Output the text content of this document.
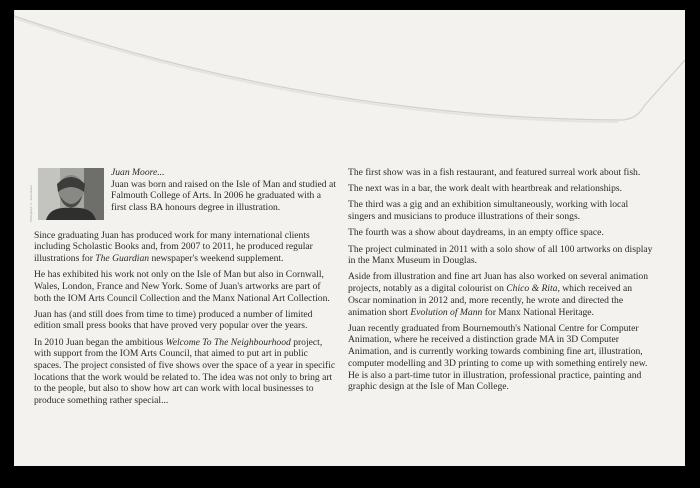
Photograph © Juan Moore

Juan Moore...
Juan was born and raised on the Isle of Man and studied at Falmouth College of Arts. In 2006 he graduated with a first class BA honours degree in illustration.

Since graduating Juan has produced work for many international clients including Scholastic Books and, from 2007 to 2011, he produced regular illustrations for The Guardian newspaper's weekend supplement.

He has exhibited his work not only on the Isle of Man but also in Cornwall, Wales, London, France and New York. Some of Juan's artworks are part of both the IOM Arts Council Collection and the Manx National Art Collection.

Juan has (and still does from time to time) produced a number of limited edition small press books that have proved very popular over the years.

In 2010 Juan began the ambitious Welcome To The Neighbourhood project, with support from the IOM Arts Council, that aimed to put art in public spaces. The project consisted of five shows over the space of a year in specific locations that the work would be related to. The idea was not only to bring art to the people, but also to show how art can work with local businesses to produce something rather special...

The first show was in a fish restaurant, and featured surreal work about fish.

The next was in a bar, the work dealt with heartbreak and relationships.

The third was a gig and an exhibition simultaneously, working with local singers and musicians to produce illustrations of their songs.

The fourth was a show about daydreams, in an empty office space.

The project culminated in 2011 with a solo show of all 100 artworks on display in the Manx Museum in Douglas.

Aside from illustration and fine art Juan has also worked on several animation projects, notably as a digital colourist on Chico & Rita, which received an Oscar nomination in 2012 and, more recently, he wrote and directed the animation short Evolution of Mann for Manx National Heritage.

Juan recently graduated from Bournemouth's National Centre for Computer Animation, where he received a distinction grade MA in 3D Computer Animation, and is currently working towards combining fine art, illustration, computer modelling and 3D printing to come up with something entirely new. He is also a part-time tutor in illustration, professional practice, painting and graphic design at the Isle of Man College.
